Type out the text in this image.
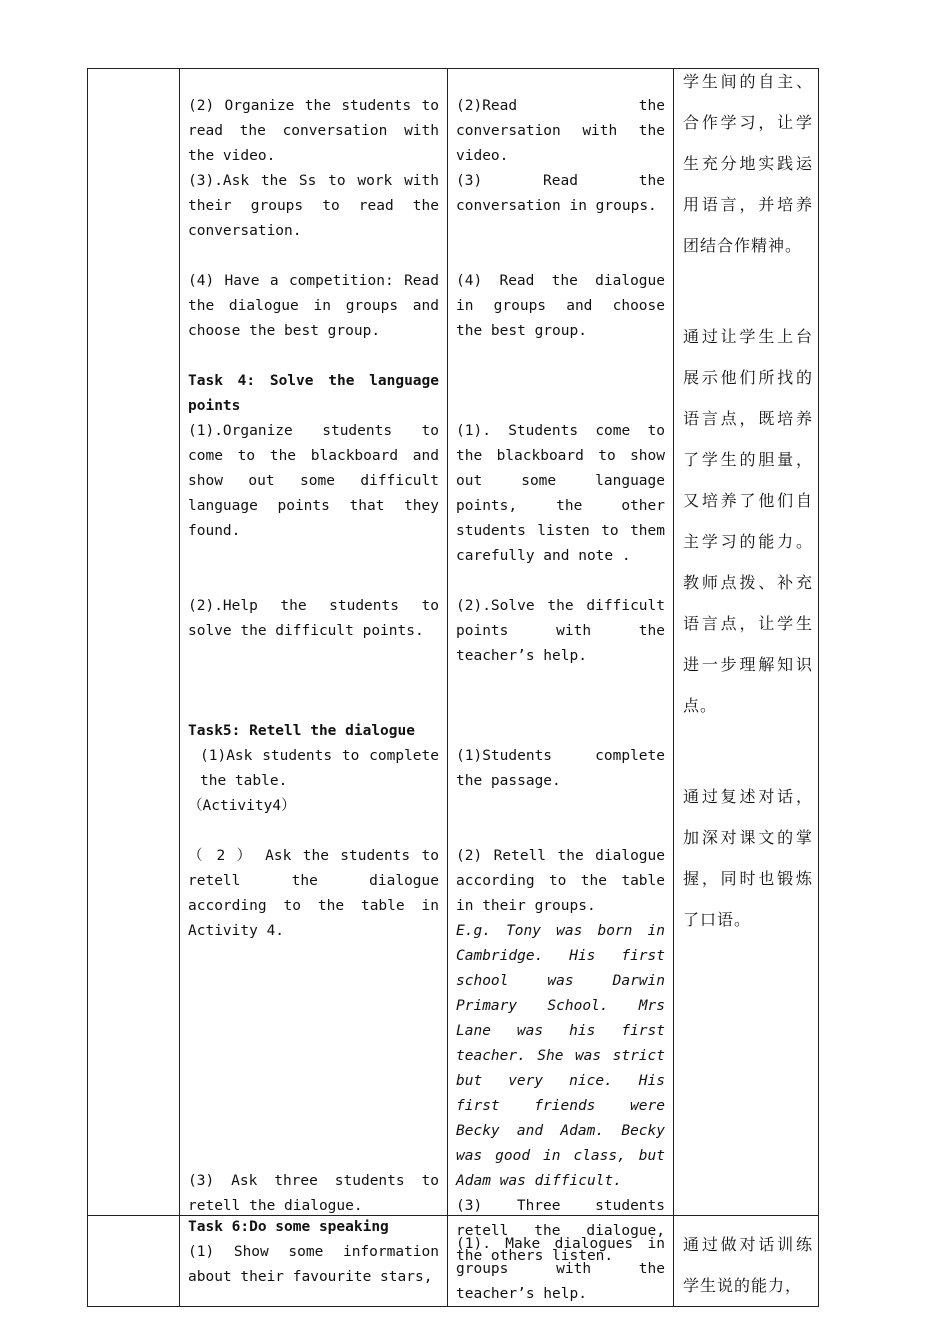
(2) Organize the students to read the conversation with the video.

(3).Ask the Ss to work with their groups to read the conversation.

(4) Have a competition: Read the dialogue in groups and choose the best group.

Task 4: Solve the language points

(1).Organize students to come to the blackboard and show out some difficult language points that they found.

(2).Help the students to solve the difficult points.

Task5: Retell the dialogue

(1)Ask students to complete the table.

（Activity4）

（ 2 ） Ask the students to retell the dialogue according to the table in Activity 4.

(3) Ask three students to retell the dialogue.

(2)Read the conversation with the video.

(3) Read the conversation in groups.

(4) Read the dialogue in groups and choose the best group.

(1). Students come to the blackboard to show out some language points, the other students listen to them carefully and note .

(2).Solve the difficult points with the teacher’s help.

(1)Students complete the passage.

(2) Retell the dialogue according to the table in their groups.

E.g. Tony was born in Cambridge. His first school was Darwin Primary School. Mrs Lane was his first teacher. She was strict but very nice. His first friends were Becky and Adam. Becky was good in class, but Adam was difficult.

(3) Three students retell the dialogue, the others listen.

学生间的自主、合作学习，让学生充分地实践运用语言，并培养团结合作精神。

通过让学生上台展示他们所找的语言点，既培养了学生的胆量，又培养了他们自主学习的能力。教师点拨、补充语言点，让学生进一步理解知识点。

通过复述对话，加深对课文的掌握，同时也锻炼了口语。

Task 6:Do some speaking

(1) Show some information about their favourite stars,

(1). Make dialogues in groups with the teacher’s help.

通过做对话训练学生说的能力，
